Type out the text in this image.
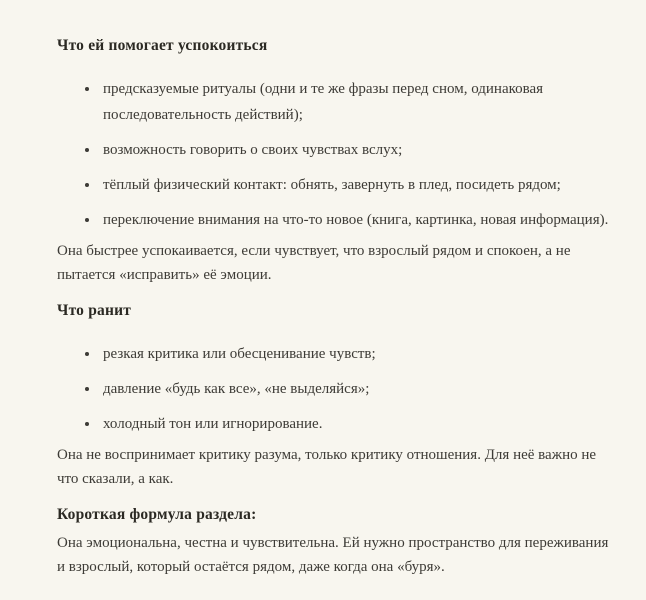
Что ей помогает успокоиться
предсказуемые ритуалы (одни и те же фразы перед сном, одинаковая последовательность действий);
возможность говорить о своих чувствах вслух;
тёплый физический контакт: обнять, завернуть в плед, посидеть рядом;
переключение внимания на что-то новое (книга, картинка, новая информация).

Она быстрее успокаивается, если чувствует, что взрослый рядом и спокоен, а не пытается «исправить» её эмоции.

Что ранит
резкая критика или обесценивание чувств;
давление «будь как все», «не выделяйся»;
холодный тон или игнорирование.

Она не воспринимает критику разума, только критику отношения. Для неё важно не что сказали, а как.

Короткая формула раздела:

Она эмоциональна, честна и чувствительна. Ей нужно пространство для переживания и взрослый, который остаётся рядом, даже когда она «буря».
